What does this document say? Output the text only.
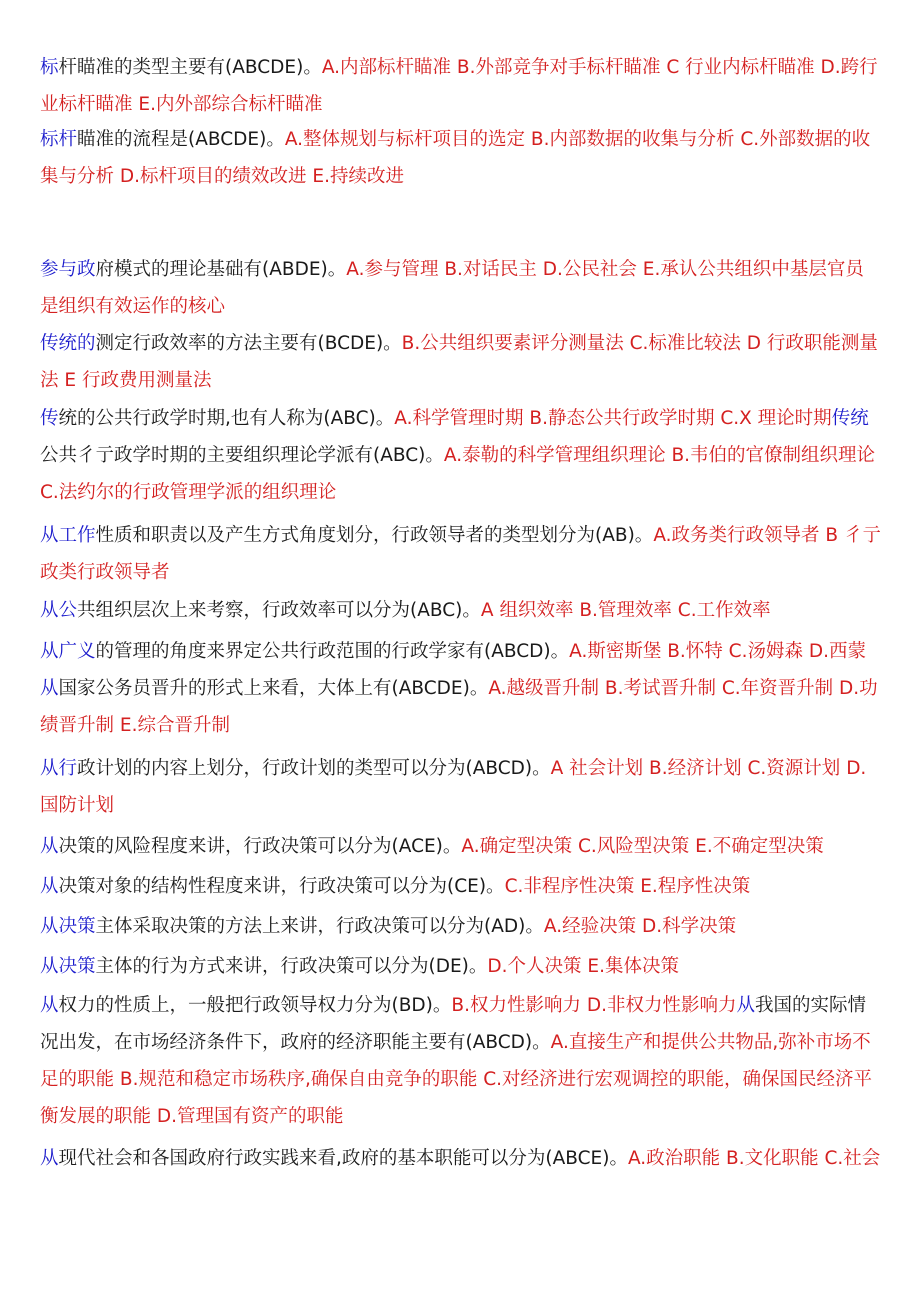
标杆瞄准的类型主要有(ABCDE)。A.内部标杆瞄准 B.外部竞争对手标杆瞄准 C 行业内标杆瞄准 D.跨行业标杆瞄准 E.内外部综合标杆瞄准

标杆瞄准的流程是(ABCDE)。A.整体规划与标杆项目的选定 B.内部数据的收集与分析 C.外部数据的收集与分析 D.标杆项目的绩效改进 E.持续改进

参与政府模式的理论基础有(ABDE)。A.参与管理 B.对话民主 D.公民社会 E.承认公共组织中基层官员是组织有效运作的核心

传统的测定行政效率的方法主要有(BCDE)。B.公共组织要素评分测量法 C.标准比较法 D 行政职能测量法 E 行政费用测量法

传统的公共行政学时期,也有人称为(ABC)。A.科学管理时期 B.静态公共行政学时期 C.X 理论时期传统公共彳亍政学时期的主要组织理论学派有(ABC)。A.泰勒的科学管理组织理论 B.韦伯的官僚制组织理论 C.法约尔的行政管理学派的组织理论

从工作性质和职责以及产生方式角度划分，行政领导者的类型划分为(AB)。A.政务类行政领导者 B 彳亍政类行政领导者

从公共组织层次上来考察，行政效率可以分为(ABC)。A 组织效率 B.管理效率 C.工作效率

从广义的管理的角度来界定公共行政范围的行政学家有(ABCD)。A.斯密斯堡 B.怀特 C.汤姆森 D.西蒙从国家公务员晋升的形式上来看，大体上有(ABCDE)。A.越级晋升制 B.考试晋升制 C.年资晋升制 D.功绩晋升制 E.综合晋升制

从行政计划的内容上划分，行政计划的类型可以分为(ABCD)。A 社会计划 B.经济计划 C.资源计划 D.国防计划

从决策的风险程度来讲，行政决策可以分为(ACE)。A.确定型决策 C.风险型决策 E.不确定型决策

从决策对象的结构性程度来讲，行政决策可以分为(CE)。C.非程序性决策 E.程序性决策

从决策主体采取决策的方法上来讲，行政决策可以分为(AD)。A.经验决策 D.科学决策

从决策主体的行为方式来讲，行政决策可以分为(DE)。D.个人决策 E.集体决策

从权力的性质上，一般把行政领导权力分为(BD)。B.权力性影响力 D.非权力性影响力从我国的实际情况出发，在市场经济条件下，政府的经济职能主要有(ABCD)。A.直接生产和提供公共物品,弥补市场不足的职能 B.规范和稳定市场秩序,确保自由竞争的职能 C.对经济进行宏观调控的职能，确保国民经济平衡发展的职能 D.管理国有资产的职能

从现代社会和各国政府行政实践来看,政府的基本职能可以分为(ABCE)。A.政治职能 B.文化职能 C.社会
